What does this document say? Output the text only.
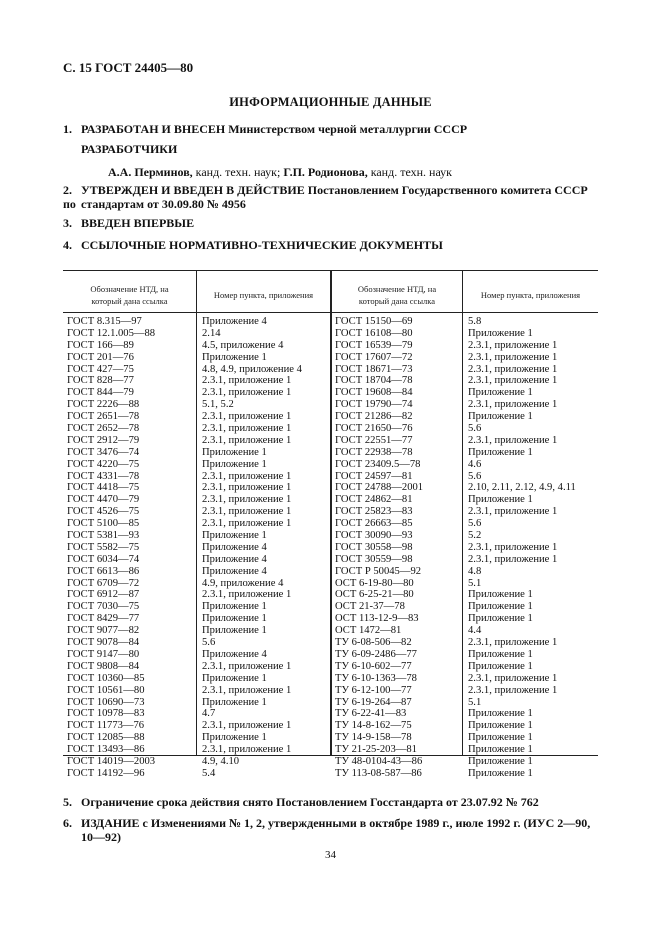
С. 15 ГОСТ 24405—80
ИНФОРМАЦИОННЫЕ ДАННЫЕ
1. РАЗРАБОТАН И ВНЕСЕН Министерством черной металлургии СССР
РАЗРАБОТЧИКИ
А.А. Перминов, канд. техн. наук; Г.П. Родионова, канд. техн. наук
2. УТВЕРЖДЕН И ВВЕДЕН В ДЕЙСТВИЕ Постановлением Государственного комитета СССР по стандартам от 30.09.80 № 4956
3. ВВЕДЕН ВПЕРВЫЕ
4. ССЫЛОЧНЫЕ НОРМАТИВНО-ТЕХНИЧЕСКИЕ ДОКУМЕНТЫ
Обозначение НТД, на
который дана ссылка
Номер пункта, приложения
Обозначение НТД, на
который дана ссылка
Номер пункта, приложения
ГОСТ 8.315—97
ГОСТ 12.1.005—88
ГОСТ 166—89
ГОСТ 201—76
ГОСТ 427—75
ГОСТ 828—77
ГОСТ 844—79
ГОСТ 2226—88
ГОСТ 2651—78
ГОСТ 2652—78
ГОСТ 2912—79
ГОСТ 3476—74
ГОСТ 4220—75
ГОСТ 4331—78
ГОСТ 4418—75
ГОСТ 4470—79
ГОСТ 4526—75
ГОСТ 5100—85
ГОСТ 5381—93
ГОСТ 5582—75
ГОСТ 6034—74
ГОСТ 6613—86
ГОСТ 6709—72
ГОСТ 6912—87
ГОСТ 7030—75
ГОСТ 8429—77
ГОСТ 9077—82
ГОСТ 9078—84
ГОСТ 9147—80
ГОСТ 9808—84
ГОСТ 10360—85
ГОСТ 10561—80
ГОСТ 10690—73
ГОСТ 10978—83
ГОСТ 11773—76
ГОСТ 12085—88
ГОСТ 13493—86
ГОСТ 14019—2003
ГОСТ 14192—96
Приложение 4
2.14
4.5, приложение 4
Приложение 1
4.8, 4.9, приложение 4
2.3.1, приложение 1
2.3.1, приложение 1
5.1, 5.2
2.3.1, приложение 1
2.3.1, приложение 1
2.3.1, приложение 1
Приложение 1
Приложение 1
2.3.1, приложение 1
2.3.1, приложение 1
2.3.1, приложение 1
2.3.1, приложение 1
2.3.1, приложение 1
Приложение 1
Приложение 4
Приложение 4
Приложение 4
4.9, приложение 4
2.3.1, приложение 1
Приложение 1
Приложение 1
Приложение 1
5.6
Приложение 4
2.3.1, приложение 1
Приложение 1
2.3.1, приложение 1
Приложение 1
4.7
2.3.1, приложение 1
Приложение 1
2.3.1, приложение 1
4.9, 4.10
5.4
ГОСТ 15150—69
ГОСТ 16108—80
ГОСТ 16539—79
ГОСТ 17607—72
ГОСТ 18671—73
ГОСТ 18704—78
ГОСТ 19608—84
ГОСТ 19790—74
ГОСТ 21286—82
ГОСТ 21650—76
ГОСТ 22551—77
ГОСТ 22938—78
ГОСТ 23409.5—78
ГОСТ 24597—81
ГОСТ 24788—2001
ГОСТ 24862—81
ГОСТ 25823—83
ГОСТ 26663—85
ГОСТ 30090—93
ГОСТ 30558—98
ГОСТ 30559—98
ГОСТ Р 50045—92
ОСТ 6-19-80—80
ОСТ 6-25-21—80
ОСТ 21-37—78
ОСТ 113-12-9—83
ОСТ 1472—81
ТУ 6-08-506—82
ТУ 6-09-2486—77
ТУ 6-10-602—77
ТУ 6-10-1363—78
ТУ 6-12-100—77
ТУ 6-19-264—87
ТУ 6-22-41—83
ТУ 14-8-162—75
ТУ 14-9-158—78
ТУ 21-25-203—81
ТУ 48-0104-43—86
ТУ 113-08-587—86
5.8
Приложение 1
2.3.1, приложение 1
2.3.1, приложение 1
2.3.1, приложение 1
2.3.1, приложение 1
Приложение 1
2.3.1, приложение 1
Приложение 1
5.6
2.3.1, приложение 1
Приложение 1
4.6
5.6
2.10, 2.11, 2.12, 4.9, 4.11
Приложение 1
2.3.1, приложение 1
5.6
5.2
2.3.1, приложение 1
2.3.1, приложение 1
4.8
5.1
Приложение 1
Приложение 1
Приложение 1
4.4
2.3.1, приложение 1
Приложение 1
Приложение 1
2.3.1, приложение 1
2.3.1, приложение 1
5.1
Приложение 1
Приложение 1
Приложение 1
Приложение 1
Приложение 1
Приложение 1
5. Ограничение срока действия снято Постановлением Госстандарта от 23.07.92 № 762
6. ИЗДАНИЕ с Изменениями № 1, 2, утвержденными в октябре 1989 г., июле 1992 г. (ИУС 2—90,
10—92)
34
